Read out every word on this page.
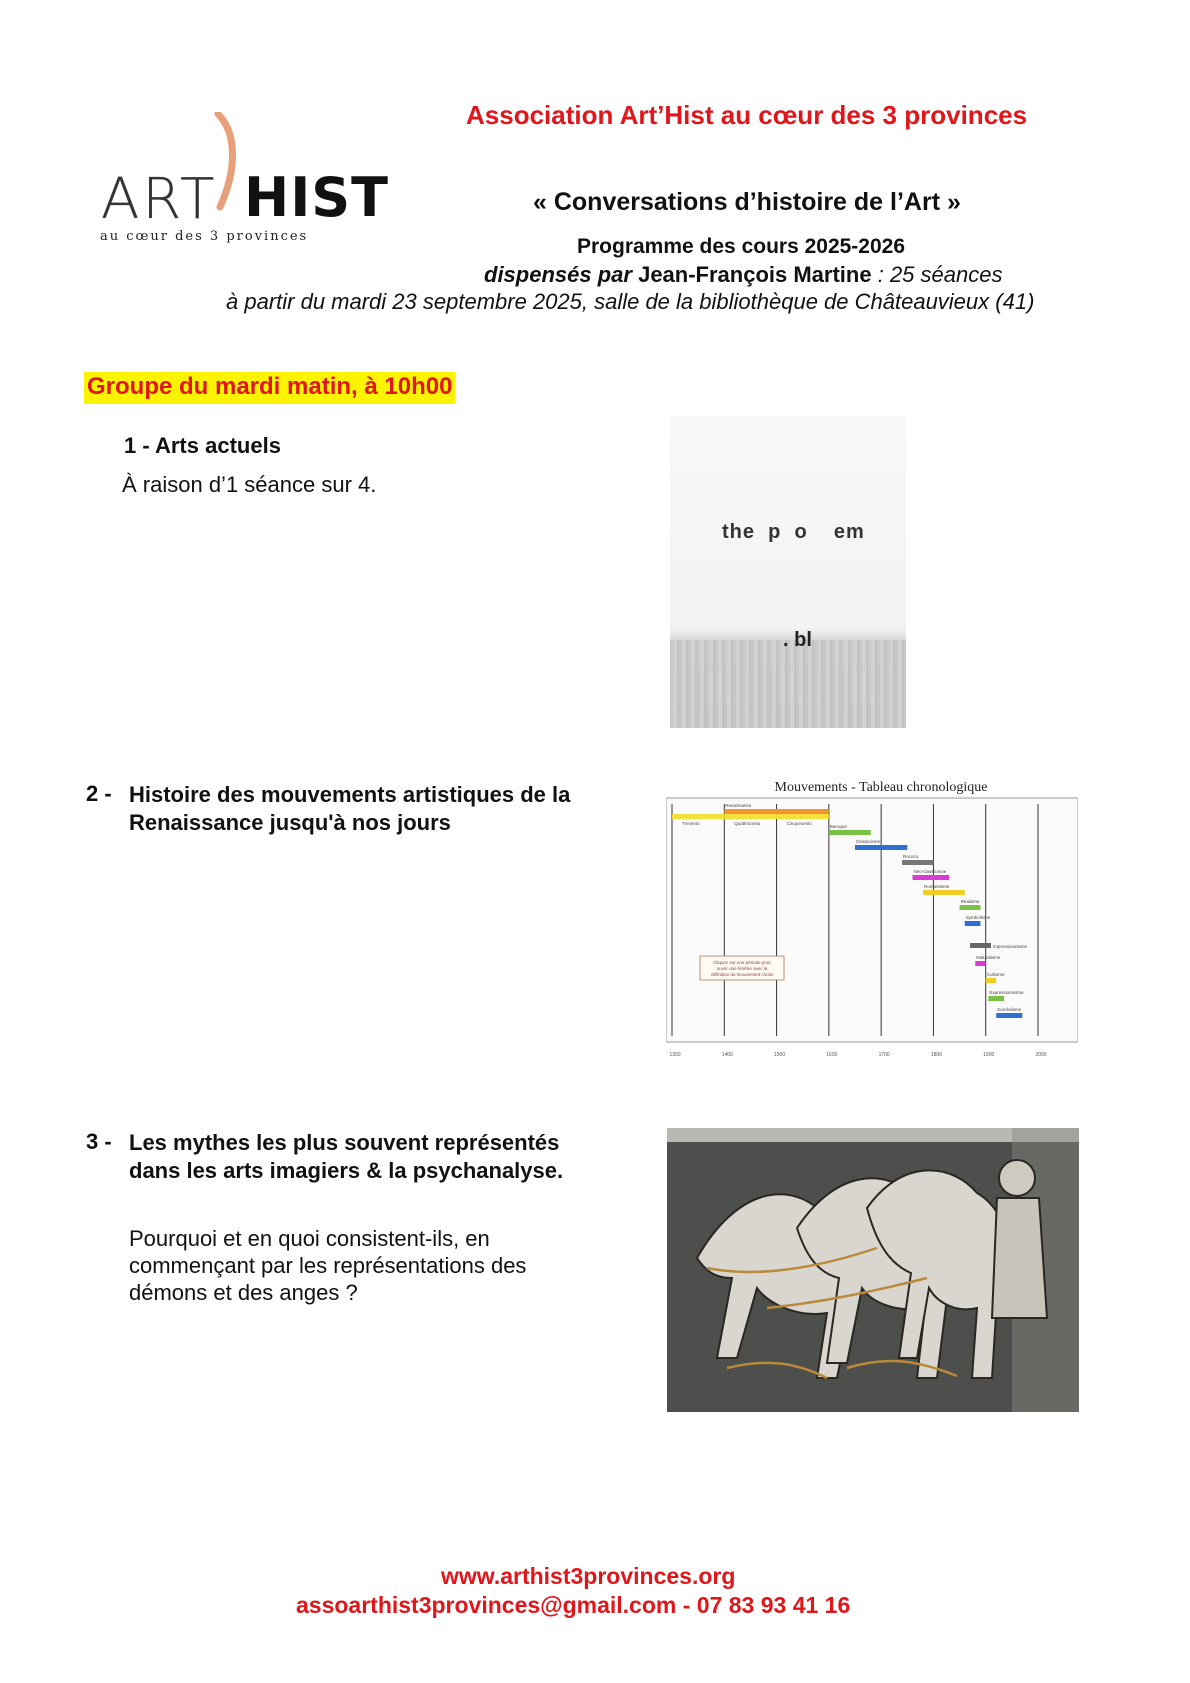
ART HIST
au cœur des 3 provinces
Association Art’Hist au cœur des 3 provinces
« Conversations d’histoire de l’Art »
Programme des cours 2025-2026
dispensés par Jean-François Martine : 25 séances
à partir du mardi 23 septembre 2025, salle de la bibliothèque de Châteauvieux (41)
Groupe du mardi matin, à 10h00
1 - Arts actuels
À raison d’1 séance sur 4.
the  p  o    em
. bl
2 - Histoire des mouvements artistiques de la Renaissance jusqu'à nos jours
Mouvements - Tableau chronologique
Trecento	Quattrocento	Cinquecento
Renaissance
Baroque
Classicisme
Rococo
Néo-classicisme
Romantisme
Réalisme
Symbolisme
Impressionnisme
Naturalisme
Cubisme
Expressionnisme
Surréalisme
1300	1400	1500	1600	1700	1800	1900	2000
Cliquez sur une période pour ouvrir une fenêtre avec la définition du mouvement choisi
3 - Les mythes les plus souvent représentés dans les arts imagiers & la psychanalyse.
Pourquoi et en quoi consistent-ils, en commençant par les représentations des démons et des anges ?
www.arthist3provinces.org
assoarthist3provinces@gmail.com - 07 83 93 41 16
